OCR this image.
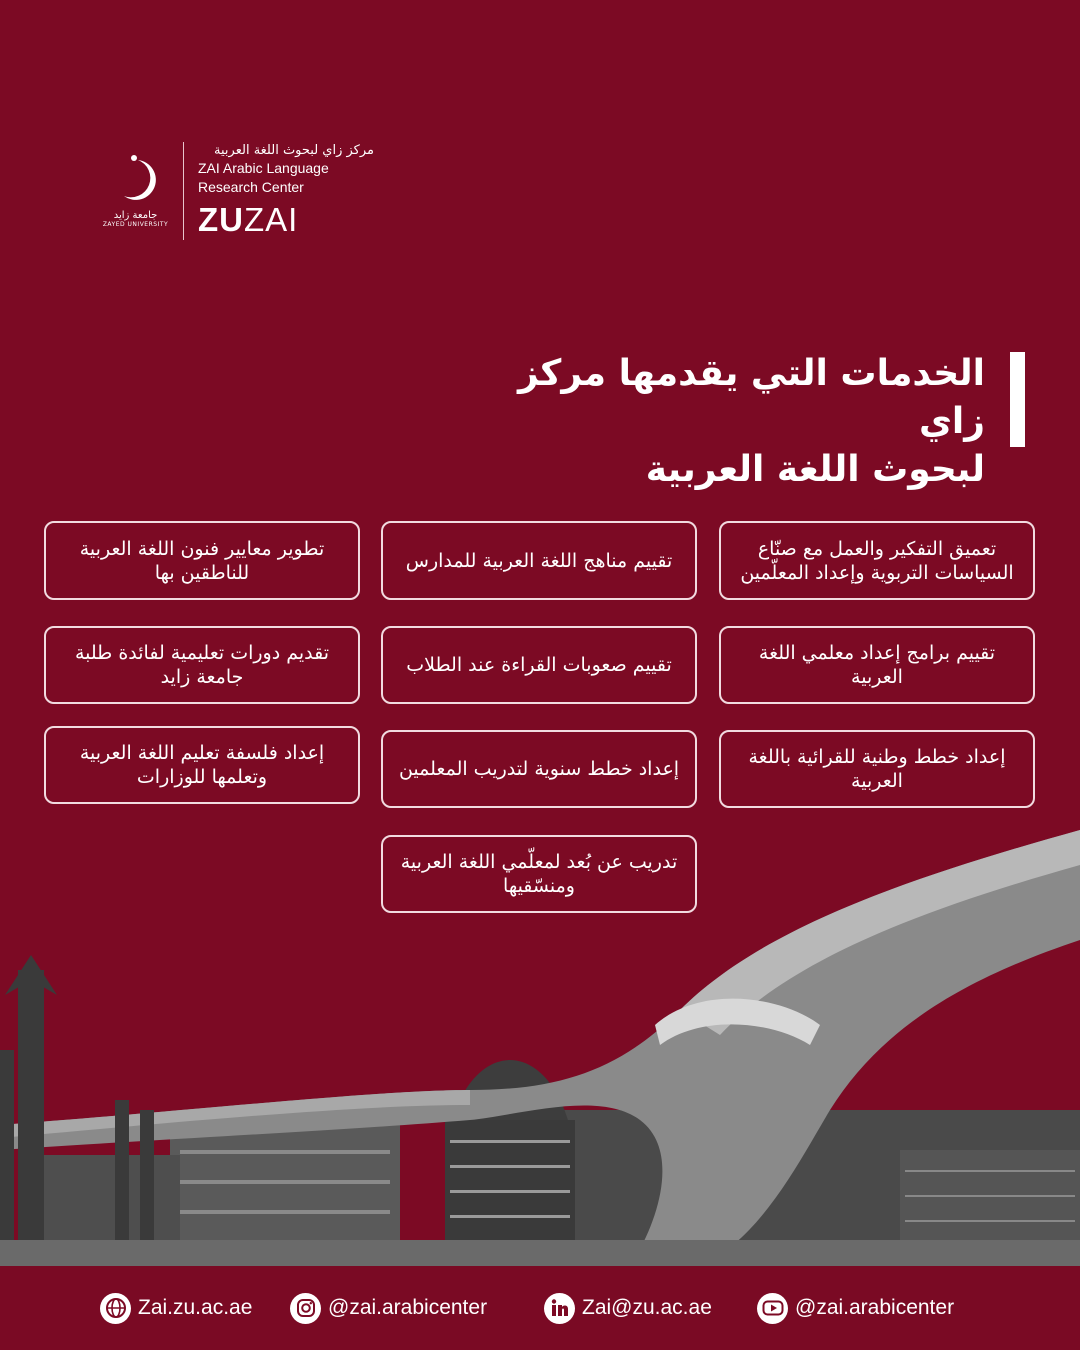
جامعة زايد
ZAYED UNIVERSITY
مركز زاي لبحوث اللغة العربية
ZAI Arabic Language
Research Center
ZUZAI
الخدمات التي يقدمها مركز زاي
لبحوث اللغة العربية
تعميق التفكير والعمل مع صنّاع السياسات التربوية وإعداد المعلّمين
تقييم مناهج اللغة العربية للمدارس
تطوير معايير فنون اللغة العربية للناطقين بها
تقييم برامج إعداد معلمي اللغة العربية
تقييم صعوبات القراءة عند الطلاب
تقديم دورات تعليمية لفائدة طلبة جامعة زايد
إعداد خطط وطنية للقرائية باللغة العربية
إعداد خطط سنوية لتدريب المعلمين
إعداد فلسفة تعليم اللغة العربية وتعلمها للوزارات
تدريب عن بُعد لمعلّمي اللغة العربية ومنسّقيها
Zai.zu.ac.ae	@zai.arabicenter	Zai@zu.ac.ae	@zai.arabicenter
